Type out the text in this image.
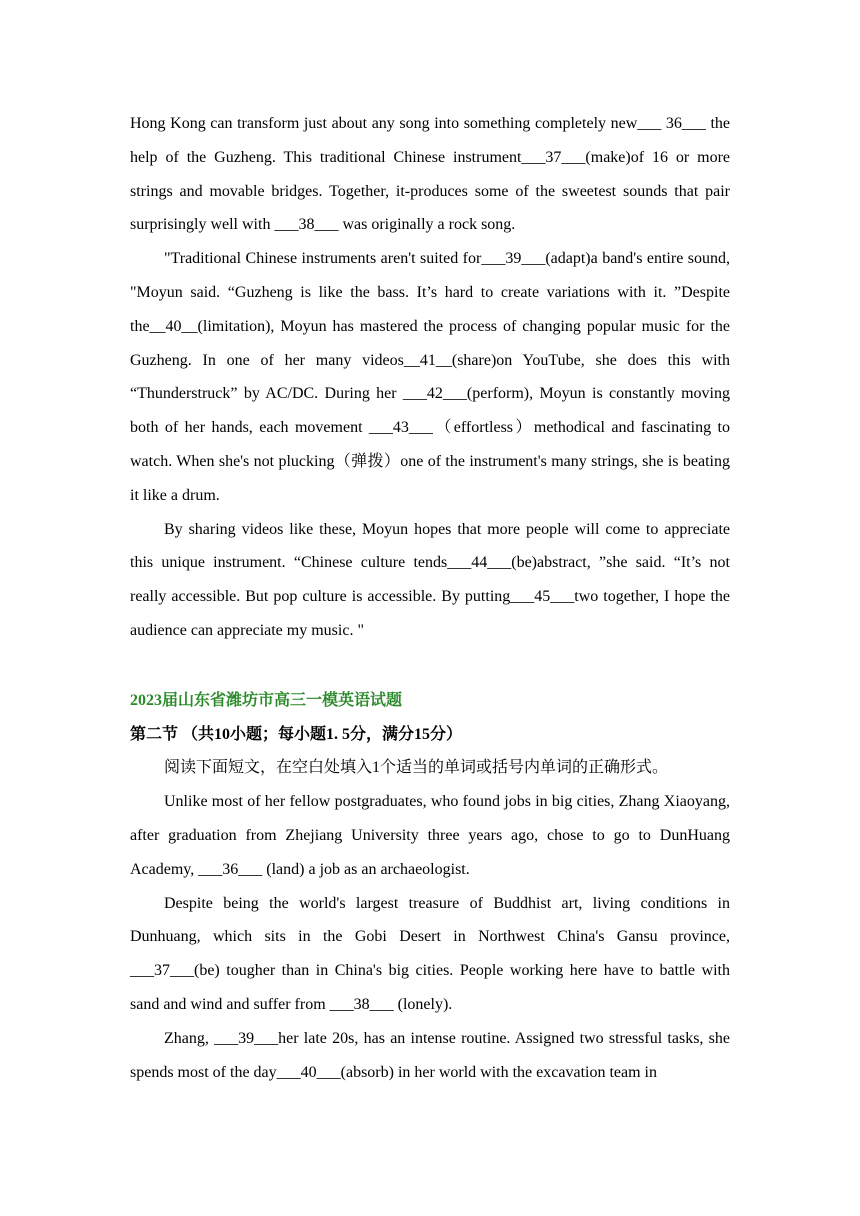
Hong Kong can transform just about any song into something completely new___ 36___ the help of the Guzheng. This traditional Chinese instrument___37___(make)of 16 or more strings and movable bridges. Together, it-produces some of the sweetest sounds that pair surprisingly well with ___38___ was originally a rock song.

"Traditional Chinese instruments aren't suited for___39___(adapt)a band's entire sound, "Moyun said. “Guzheng is like the bass. It’s hard to create variations with it. ”Despite the__40__(limitation), Moyun has mastered the process of changing popular music for the Guzheng. In one of her many videos__41__(share)on YouTube, she does this with “Thunderstruck” by AC/DC. During her ___42___(perform), Moyun is constantly moving both of her hands, each movement ___43___（effortless）methodical and fascinating to watch. When she's not plucking（弹拨）one of the instrument's many strings, she is beating it like a drum.

By sharing videos like these, Moyun hopes that more people will come to appreciate this unique instrument. “Chinese culture tends___44___(be)abstract, ”she said. “It’s not really accessible. But pop culture is accessible. By putting___45___two together, I hope the audience can appreciate my music. "

2023届山东省潍坊市高三一模英语试题

第二节 （共10小题；每小题1. 5分，满分15分）

阅读下面短文，在空白处填入1个适当的单词或括号内单词的正确形式。

Unlike most of her fellow postgraduates, who found jobs in big cities, Zhang Xiaoyang, after graduation from Zhejiang University three years ago, chose to go to DunHuang Academy, ___36___ (land) a job as an archaeologist.

Despite being the world's largest treasure of Buddhist art, living conditions in Dunhuang, which sits in the Gobi Desert in Northwest China's Gansu province, ___37___(be) tougher than in China's big cities. People working here have to battle with sand and wind and suffer from ___38___ (lonely).

Zhang, ___39___her late 20s, has an intense routine. Assigned two stressful tasks, she spends most of the day___40___(absorb) in her world with the excavation team in
